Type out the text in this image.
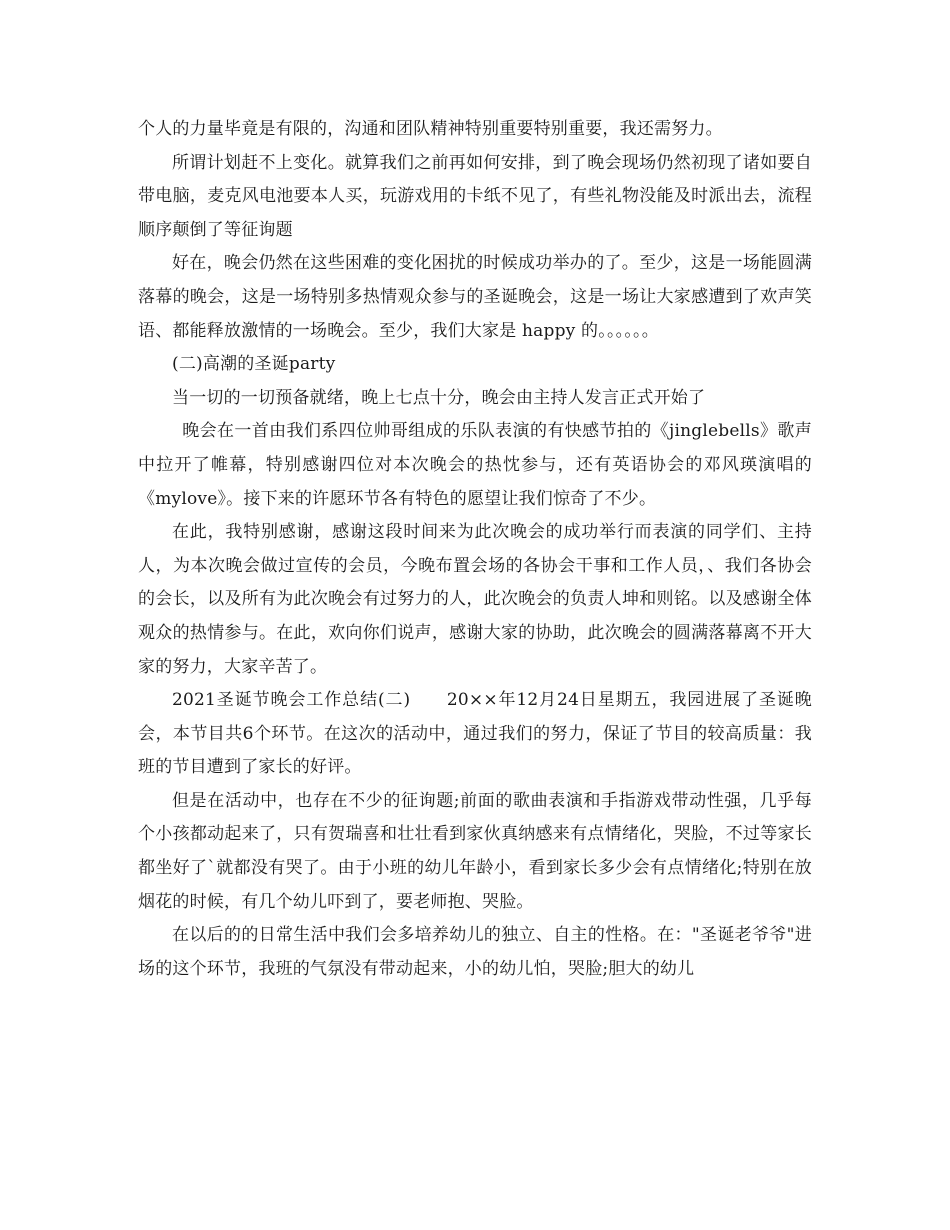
个人的力量毕竟是有限的，沟通和团队精神特别重要特别重要，我还需努力。

所谓计划赶不上变化。就算我们之前再如何安排，到了晚会现场仍然初现了诸如要自带电脑，麦克风电池要本人买，玩游戏用的卡纸不见了，有些礼物没能及时派出去，流程顺序颠倒了等征询题

好在，晚会仍然在这些困难的变化困扰的时候成功举办的了。至少，这是一场能圆满落幕的晚会，这是一场特别多热情观众参与的圣诞晚会，这是一场让大家感遭到了欢声笑语、都能释放激情的一场晚会。至少，我们大家是 happy 的。。。。。。

(二)高潮的圣诞party

当一切的一切预备就绪，晚上七点十分，晚会由主持人发言正式开始了

晚会在一首由我们系四位帅哥组成的乐队表演的有快感节拍的《jinglebells》歌声中拉开了帷幕，特别感谢四位对本次晚会的热忱参与，还有英语协会的邓风瑛演唱的《mylove》。接下来的许愿环节各有特色的愿望让我们惊奇了不少。

在此，我特别感谢，感谢这段时间来为此次晚会的成功举行而表演的同学们、主持人，为本次晚会做过宣传的会员，今晚布置会场的各协会干事和工作人员，、我们各协会的会长，以及所有为此次晚会有过努力的人，此次晚会的负责人坤和则铭。以及感谢全体观众的热情参与。在此，欢向你们说声，感谢大家的协助，此次晚会的圆满落幕离不开大家的努力，大家辛苦了。

2021圣诞节晚会工作总结(二)　　20××年12月24日星期五，我园进展了圣诞晚会，本节目共6个环节。在这次的活动中，通过我们的努力，保证了节目的较高质量：我班的节目遭到了家长的好评。

但是在活动中，也存在不少的征询题;前面的歌曲表演和手指游戏带动性强，几乎每个小孩都动起来了，只有贺瑞喜和壮壮看到家伙真纳感来有点情绪化，哭脸，不过等家长都坐好了`就都没有哭了。由于小班的幼儿年龄小，看到家长多少会有点情绪化;特别在放烟花的时候，有几个幼儿吓到了，要老师抱、哭脸。

在以后的的日常生活中我们会多培养幼儿的独立、自主的性格。在："圣诞老爷爷"进场的这个环节，我班的气氛没有带动起来，小的幼儿怕，哭脸;胆大的幼儿
